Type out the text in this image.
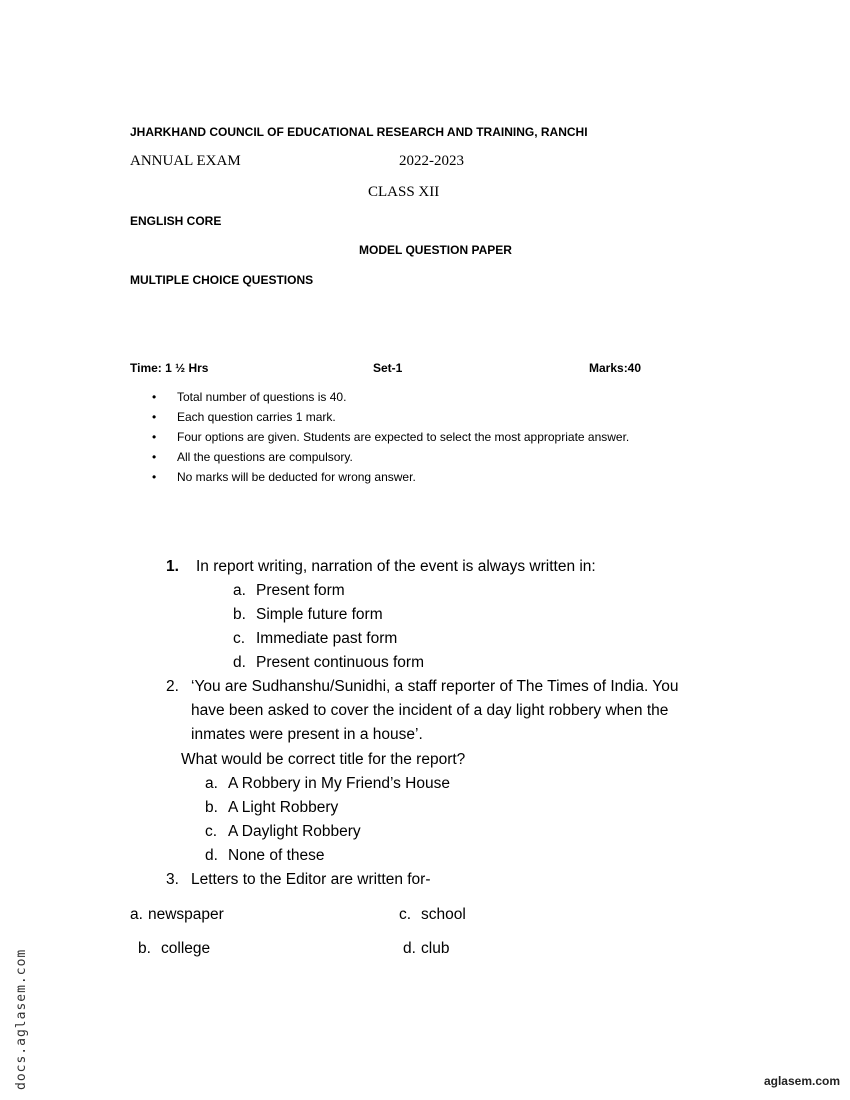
JHARKHAND COUNCIL OF EDUCATIONAL RESEARCH AND TRAINING, RANCHI
ANNUAL EXAM	2022-2023
CLASS XII
ENGLISH CORE
MODEL QUESTION PAPER
MULTIPLE CHOICE QUESTIONS
Time: 1 ½ Hrs	Set-1	Marks:40
• Total number of questions is 40.
• Each question carries 1 mark.
• Four options are given. Students are expected to select the most appropriate answer.
• All the questions are compulsory.
• No marks will be deducted for wrong answer.
1. In report writing, narration of the event is always written in:
a. Present form
b. Simple future form
c. Immediate past form
d. Present continuous form
2. ‘You are Sudhanshu/Sunidhi, a staff reporter of The Times of India. You
have been asked to cover the incident of a day light robbery when the
inmates were present in a house’.
What would be correct title for the report?
a. A Robbery in My Friend’s House
b. A Light Robbery
c. A Daylight Robbery
d. None of these
3. Letters to the Editor are written for-
a. newspaper	c. school
b. college	d. club
docs.aglasem.com	aglasem.com
